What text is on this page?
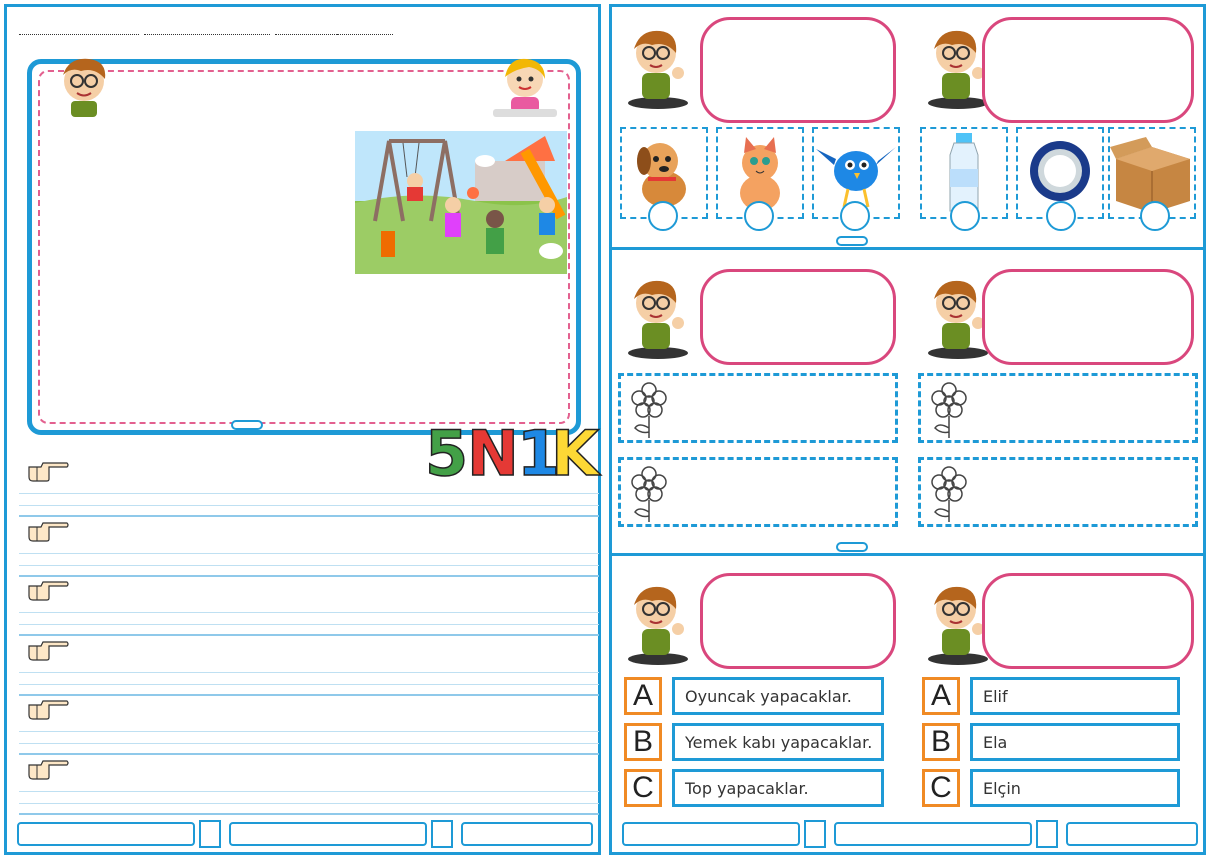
5
N
1
K
A	Oyuncak yapacaklar.
B	Yemek kabı yapacaklar.
C	Top yapacaklar.
A	Elif
B	Ela
C	Elçin
